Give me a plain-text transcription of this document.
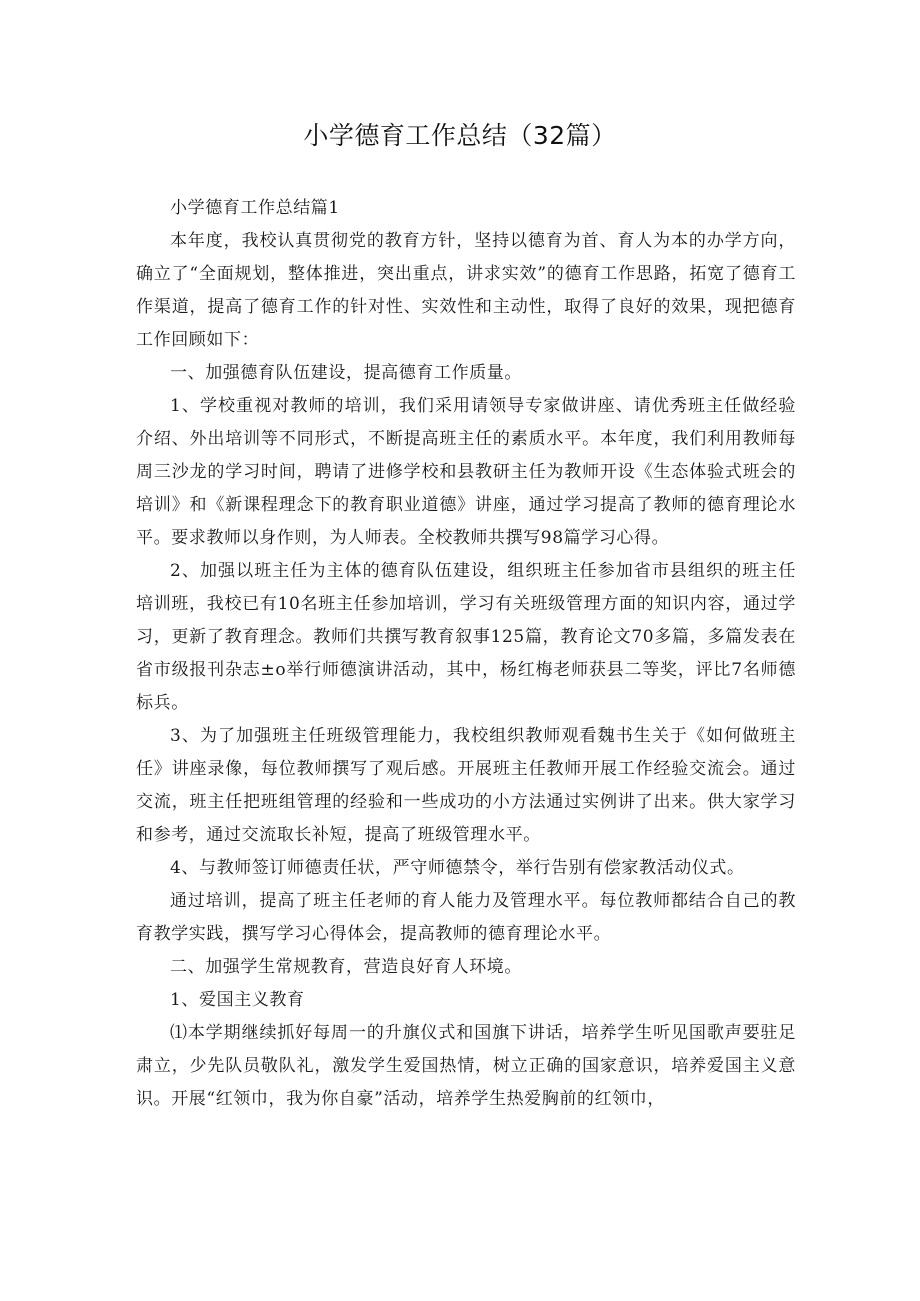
小学德育工作总结（32篇）

小学德育工作总结篇1

本年度，我校认真贯彻党的教育方针，坚持以德育为首、育人为本的办学方向，确立了“全面规划，整体推进，突出重点，讲求实效”的德育工作思路，拓宽了德育工作渠道，提高了德育工作的针对性、实效性和主动性，取得了良好的效果，现把德育工作回顾如下：

一、加强德育队伍建设，提高德育工作质量。

1、学校重视对教师的培训，我们采用请领导专家做讲座、请优秀班主任做经验介绍、外出培训等不同形式，不断提高班主任的素质水平。本年度，我们利用教师每周三沙龙的学习时间，聘请了进修学校和县教研主任为教师开设《生态体验式班会的培训》和《新课程理念下的教育职业道德》讲座，通过学习提高了教师的德育理论水平。要求教师以身作则，为人师表。全校教师共撰写98篇学习心得。

2、加强以班主任为主体的德育队伍建设，组织班主任参加省市县组织的班主任培训班，我校已有10名班主任参加培训，学习有关班级管理方面的知识内容，通过学习，更新了教育理念。教师们共撰写教育叙事125篇，教育论文70多篇，多篇发表在省市级报刊杂志±o举行师德演讲活动，其中，杨红梅老师获县二等奖，评比7名师德标兵。

3、为了加强班主任班级管理能力，我校组织教师观看魏书生关于《如何做班主任》讲座录像，每位教师撰写了观后感。开展班主任教师开展工作经验交流会。通过交流，班主任把班组管理的经验和一些成功的小方法通过实例讲了出来。供大家学习和参考，通过交流取长补短，提高了班级管理水平。

4、与教师签订师德责任状，严守师德禁令，举行告别有偿家教活动仪式。

通过培训，提高了班主任老师的育人能力及管理水平。每位教师都结合自己的教育教学实践，撰写学习心得体会，提高教师的德育理论水平。

二、加强学生常规教育，营造良好育人环境。

1、爱国主义教育

⑴本学期继续抓好每周一的升旗仪式和国旗下讲话，培养学生听见国歌声要驻足肃立，少先队员敬队礼，激发学生爱国热情，树立正确的国家意识，培养爱国主义意识。开展“红领巾，我为你自豪”活动，培养学生热爱胸前的红领巾，
